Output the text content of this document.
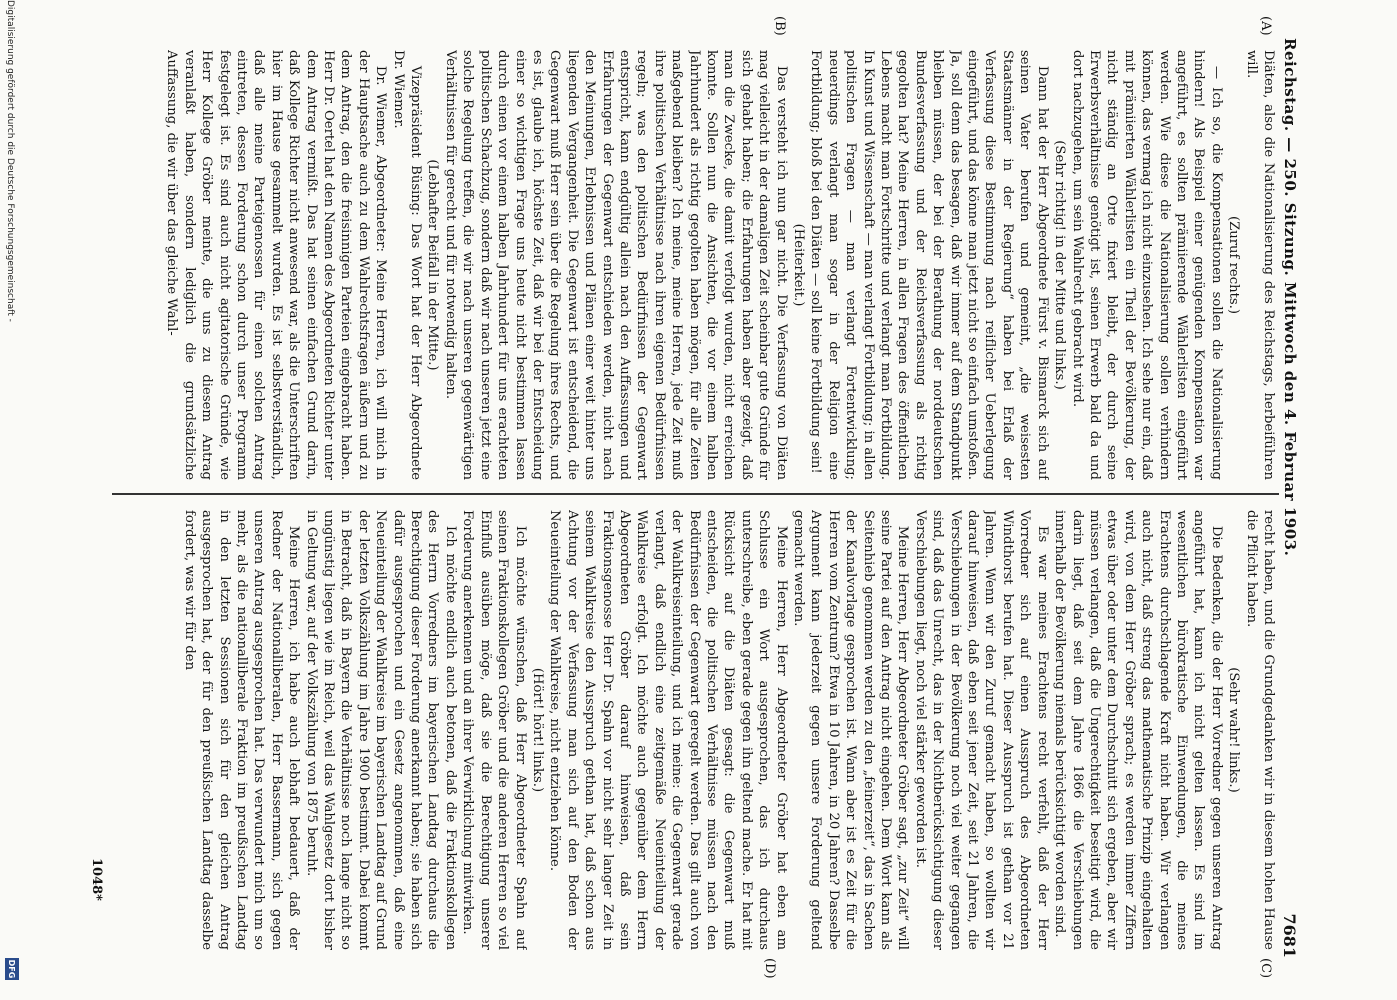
Reichstag. — 250. Sitzung. Mittwoch den 4. Februar 1903.
7681
(A)
(B)
(C)
(D)

Diäten, also die Nationalisierung des Reichstags, herbeiführen will.

(Zuruf rechts.)

— Ich so, die Kompensationen sollen die Nationalisierung hindern! Als Beispiel einer genügenden Kompensation war angeführt, es sollten prämiierende Wählerlisten eingeführt werden. Wie diese die Nationalisierung sollen verhindern können, das vermag ich nicht einzusehen. Ich sehe nur ein, daß mit prämiierten Wählerlisten ein Theil der Bevölkerung, der nicht ständig an Orte fixiert bleibt, der durch seine Erwerbsverhältnisse genötigt ist, seinen Erwerb bald da und dort nachzugehen, um sein Wahlrecht gebracht wird.

(Sehr richtig! in der Mitte und links.)

Dann hat der Herr Abgeordnete Fürst v. Bismarck sich auf seinen Vater berufen und gemeint, „die weisesten Staatsmänner in der Regierung“ haben bei Erlaß der Verfassung diese Bestimmung nach reiflicher Ueberlegung eingeführt, und das könne man jetzt nicht so einfach umstoßen. Ja, soll denn das besagen, daß wir immer auf dem Standpunkt bleiben müssen, der bei der Berathung der norddeutschen Bundesverfassung und der Reichsverfassung als richtig gegolten hat? Meine Herren, in allen Fragen des öffentlichen Lebens macht man Fortschritte und verlangt man Fortbildung. In Kunst und Wissenschaft — man verlangt Fortbildung; in allen politischen Fragen — man verlangt Fortentwicklung; neuerdings verlangt man sogar in der Religion eine Fortbildung; bloß bei den Diäten — soll keine Fortbildung sein!

(Heiterkeit.)

Das versteht ich nun gar nicht. Die Verfassung von Diäten mag vielleicht in der damaligen Zeit scheinbar gute Gründe für sich gehabt haben; die Erfahrungen haben aber gezeigt, daß man die Zwecke, die damit verfolgt wurden, nicht erreichen konnte. Sollen nun die Ansichten, die vor einem halben Jahrhundert als richtig gegolten haben mögen, für alle Zeiten maßgebend bleiben? Ich meine, meine Herren, jede Zeit muß ihre politischen Verhältnisse nach ihren eigenen Bedürfnissen regeln; was den politischen Bedürfnissen der Gegenwart entspricht, kann endgültig allein nach den Auffassungen und Erfahrungen der Gegenwart entschieden werden, nicht nach den Meinungen, Erlebnissen und Plänen einer weit hinter uns liegenden Vergangenheit. Die Gegenwart ist entscheidend, die Gegenwart muß Herr sein über die Regelung ihres Rechts, und es ist, glaube ich, höchste Zeit, daß wir bei der Entscheidung einer so wichtigen Frage uns heute nicht bestimmen lassen durch einen vor einem halben Jahrhundert für uns erachteten politischen Schachzug, sondern daß wir nach unseren jetzt eine solche Regelung treffen, die wir nach unseren gegenwärtigen Verhältnissen für gerecht und für notwendig halten.

(Lebhafter Beifall in der Mitte.)

Vizepräsident Büsing: Das Wort hat der Herr Abgeordnete Dr. Wiemer.

Dr. Wiemer, Abgeordneter: Meine Herren, ich will mich in der Hauptsache auch zu dem Wahlrechtsfragen äußern und zu dem Antrag, den die freisinnigen Parteien eingebracht haben. Herr Dr. Oertel hat den Namen des Abgeordneten Richter unter dem Antrag vermißt. Das hat seinen einfachen Grund darin, daß Kollege Richter nicht anwesend war, als die Unterschriften hier im Hause gesammelt wurden. Es ist selbstverständlich, daß alle meine Parteigenossen für einen solchen Antrag eintreten, dessen Forderung schon durch unser Programm festgelegt ist. Es sind auch nicht agitatorische Gründe, wie Herr Kollege Gröber meinte, die uns zu diesem Antrag veranlaßt haben, sondern lediglich die grundsätzliche Auffassung, die wir über das gleiche Wahl-

recht haben, und die Grundgedanken wir in diesem hohen Hause die Pflicht haben.

(Sehr wahr! links.)

Die Bedenken, die der Herr Vorredner gegen unseren Antrag angeführt hat, kann ich nicht gelten lassen. Es sind im wesentlichen bürokratische Einwendungen, die meines Erachtens durchschlagende Kraft nicht haben. Wir verlangen auch nicht, daß streng das mathematische Prinzip eingehalten wird, von dem Herr Gröber sprach; es werden immer Ziffern etwas über oder unter dem Durchschnitt sich ergeben, aber wir müssen verlangen, daß die Ungerechtigkeit beseitigt wird, die darin liegt, daß seit dem Jahre 1866 die Verschiebungen innerhalb der Bevölkerung niemals berücksichtigt worden sind.

Es war meines Erachtens recht verfehlt, daß der Herr Vorredner sich auf einen Ausspruch des Abgeordneten Windthorst berufen hat. Dieser Ausspruch ist gethan vor 21 Jahren. Wenn wir den Zuruf gemacht haben, so wollten wir darauf hinweisen, daß eben seit jener Zeit, seit 21 Jahren, die Verschiebungen in der Bevölkerung noch viel weiter gegangen sind, daß das Unrecht, das in der Nichtberücksichtigung dieser Verschiebungen liegt, noch viel stärker geworden ist.

Meine Herren, Herr Abgeordneter Gröber sagt, „zur Zeit“ will seine Partei auf den Antrag nicht eingehen. Dem Wort kann als Seitenhieb genommen werden zu den „feinerzeit“, das in Sachen der Kanalvorlage gesprochen ist. Wann aber ist es Zeit für die Herren vom Zentrum? Etwa in 10 Jahren, in 20 Jahren? Dasselbe Argument kann jederzeit gegen unsere Forderung geltend gemacht werden.

Meine Herren, Herr Abgeordneter Gröber hat eben am Schlusse ein Wort ausgesprochen, das ich durchaus unterschreibe, eben gerade gegen ihn geltend mache. Er hat mit Rücksicht auf die Diäten gesagt: die Gegenwart muß entscheiden, die politischen Verhältnisse müssen nach den Bedürfnissen der Gegenwart geregelt werden. Das gilt auch von der Wahlkreiseinteilung, und ich meine: die Gegenwart gerade verlangt, daß endlich eine zeitgemäße Neueinteilung der Wahlkreise erfolgt. Ich möchte auch gegenüber dem Herrn Abgeordneten Gröber darauf hinweisen, daß sein Fraktionsgenosse Herr Dr. Spahn vor nicht sehr langer Zeit in seinem Wahlkreise den Ausspruch gethan hat, daß schon aus Achtung vor der Verfassung man sich auf den Boden der Neueinteilung der Wahlkreise, nicht entziehen könne.

(Hört! hört! links.)

Ich möchte wünschen, daß Herr Abgeordneter Spahn auf seinen Fraktionskollegen Gröber und die anderen Herren so viel Einfluß ausüben möge, daß sie die Berechtigung unserer Forderung anerkennen und an ihrer Verwirklichung mitwirken.

Ich möchte endlich auch betonen, daß die Fraktionskollegen des Herrn Vorredners im bayerischen Landtag durchaus die Berechtigung dieser Forderung anerkannt haben; sie haben sich dafür ausgesprochen und ein Gesetz angenommen, daß eine Neueinteilung der Wahlkreise im bayerischen Landtag auf Grund der letzten Volkszählung im Jahre 1900 bestimmt. Dabei kommt in Betracht, daß in Bayern die Verhältnisse noch lange nicht so ungünstig liegen wie im Reich, weil das Wahlgesetz dort bisher in Geltung war, auf der Volkszählung von 1875 beruht.

Meine Herren, ich habe auch lebhaft bedauert, daß der Redner der Nationalliberalen, Herr Bassermann, sich gegen unseren Antrag ausgesprochen hat. Das verwundert mich um so mehr, als die nationalliberale Fraktion im preußischen Landtag in den letzten Sessionen sich für den gleichen Antrag ausgesprochen hat, der für den preußischen Landtag dasselbe fordert, was wir für den

1048*
Digitalisierung gefördert durch die Deutsche Forschungsgemeinschaft -
DFG
